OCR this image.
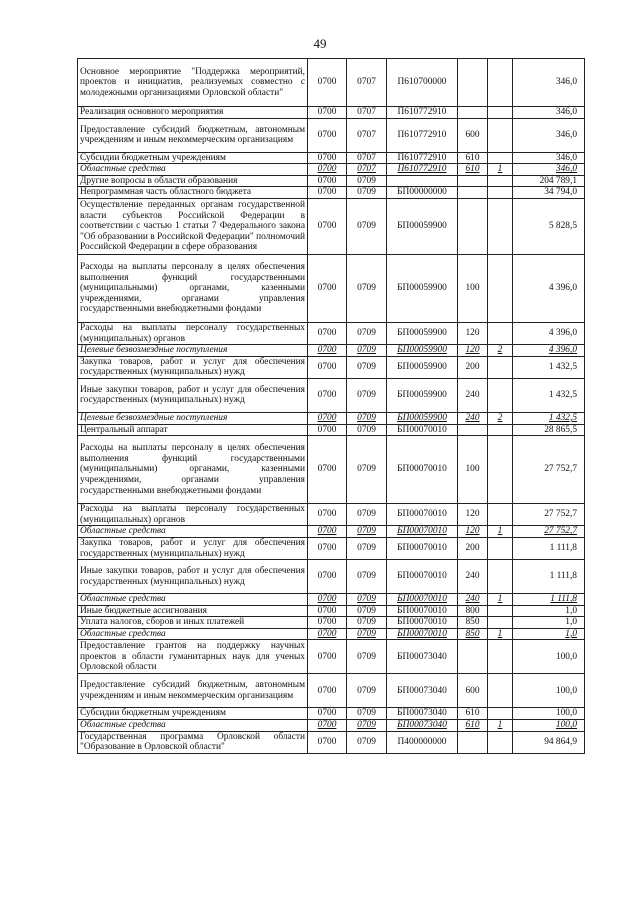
49
Основное мероприятие "Поддержка мероприятий, проектов и инициатив, реализуемых совместно с молодежными организациями Орловской области"	0700	0707	П610700000			346,0
Реализация основного мероприятия	0700	0707	П610772910			346,0
Предоставление субсидий бюджетным, автономным учреждениям и иным некоммерческим организациям	0700	0707	П610772910	600		346,0
Субсидии бюджетным учреждениям	0700	0707	П610772910	610		346,0
Областные средства	0700	0707	П610772910	610	1	346,0
Другие вопросы в области образования	0700	0709				204 789,1
Непрограммная часть областного бюджета	0700	0709	БП00000000			34 794,0
Осуществление переданных органам государственной власти субъектов Российской Федерации в соответствии с частью 1 статьи 7 Федерального закона "Об образовании в Российской Федерации" полномочий Российской Федерации в сфере образования	0700	0709	БП00059900			5 828,5
Расходы на выплаты персоналу в целях обеспечения выполнения функций государственными (муниципальными) органами, казенными учреждениями, органами управления государственными внебюджетными фондами	0700	0709	БП00059900	100		4 396,0
Расходы на выплаты персоналу государственных (муниципальных) органов	0700	0709	БП00059900	120		4 396,0
Целевые безвозмездные поступления	0700	0709	БП00059900	120	2	4 396,0
Закупка товаров, работ и услуг для обеспечения государственных (муниципальных) нужд	0700	0709	БП00059900	200		1 432,5
Иные закупки товаров, работ и услуг для обеспечения государственных (муниципальных) нужд	0700	0709	БП00059900	240		1 432,5
Целевые безвозмездные поступления	0700	0709	БП00059900	240	2	1 432,5
Центральный аппарат	0700	0709	БП00070010			28 865,5
Расходы на выплаты персоналу в целях обеспечения выполнения функций государственными (муниципальными) органами, казенными учреждениями, органами управления государственными внебюджетными фондами	0700	0709	БП00070010	100		27 752,7
Расходы на выплаты персоналу государственных (муниципальных) органов	0700	0709	БП00070010	120		27 752,7
Областные средства	0700	0709	БП00070010	120	1	27 752,7
Закупка товаров, работ и услуг для обеспечения государственных (муниципальных) нужд	0700	0709	БП00070010	200		1 111,8
Иные закупки товаров, работ и услуг для обеспечения государственных (муниципальных) нужд	0700	0709	БП00070010	240		1 111,8
Областные средства	0700	0709	БП00070010	240	1	1 111,8
Иные бюджетные ассигнования	0700	0709	БП00070010	800		1,0
Уплата налогов, сборов и иных платежей	0700	0709	БП00070010	850		1,0
Областные средства	0700	0709	БП00070010	850	1	1,0
Предоставление грантов на поддержку научных проектов в области гуманитарных наук для ученых Орловской области	0700	0709	БП00073040			100,0
Предоставление субсидий бюджетным, автономным учреждениям и иным некоммерческим организациям	0700	0709	БП00073040	600		100,0
Субсидии бюджетным учреждениям	0700	0709	БП00073040	610		100,0
Областные средства	0700	0709	БП00073040	610	1	100,0
Государственная программа Орловской области "Образование в Орловской области"	0700	0709	П400000000			94 864,9
